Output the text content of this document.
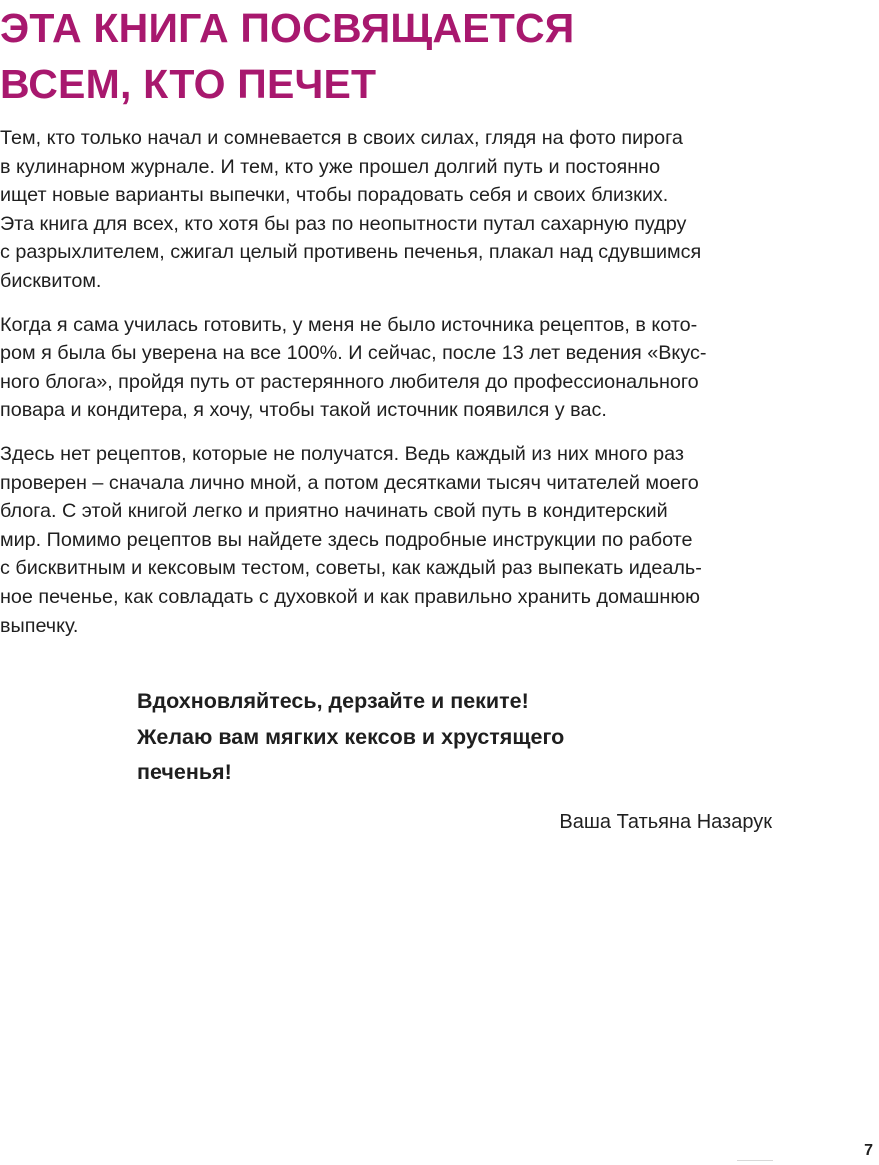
ЭТА КНИГА ПОСВЯЩАЕТСЯ
ВСЕМ, КТО ПЕЧЕТ

Тем, кто только начал и сомневается в своих силах, глядя на фото пирога
в кулинарном журнале. И тем, кто уже прошел долгий путь и постоянно
ищет новые варианты выпечки, чтобы порадовать себя и своих близких.
Эта книга для всех, кто хотя бы раз по неопытности путал сахарную пудру
с разрыхлителем, сжигал целый противень печенья, плакал над сдувшимся
бисквитом.

Когда я сама училась готовить, у меня не было источника рецептов, в кото-
ром я была бы уверена на все 100%. И сейчас, после 13 лет ведения «Вкус-
ного блога», пройдя путь от растерянного любителя до профессионального
повара и кондитера, я хочу, чтобы такой источник появился у вас.

Здесь нет рецептов, которые не получатся. Ведь каждый из них много раз
проверен – сначала лично мной, а потом десятками тысяч читателей моего
блога. С этой книгой легко и приятно начинать свой путь в кондитерский
мир. Помимо рецептов вы найдете здесь подробные инструкции по работе
с бисквитным и кексовым тестом, советы, как каждый раз выпекать идеаль-
ное печенье, как совладать с духовкой и как правильно хранить домашнюю
выпечку.

Вдохновляйтесь, дерзайте и пеките!
Желаю вам мягких кексов и хрустящего
печенья!
Ваша Татьяна Назарук
7
